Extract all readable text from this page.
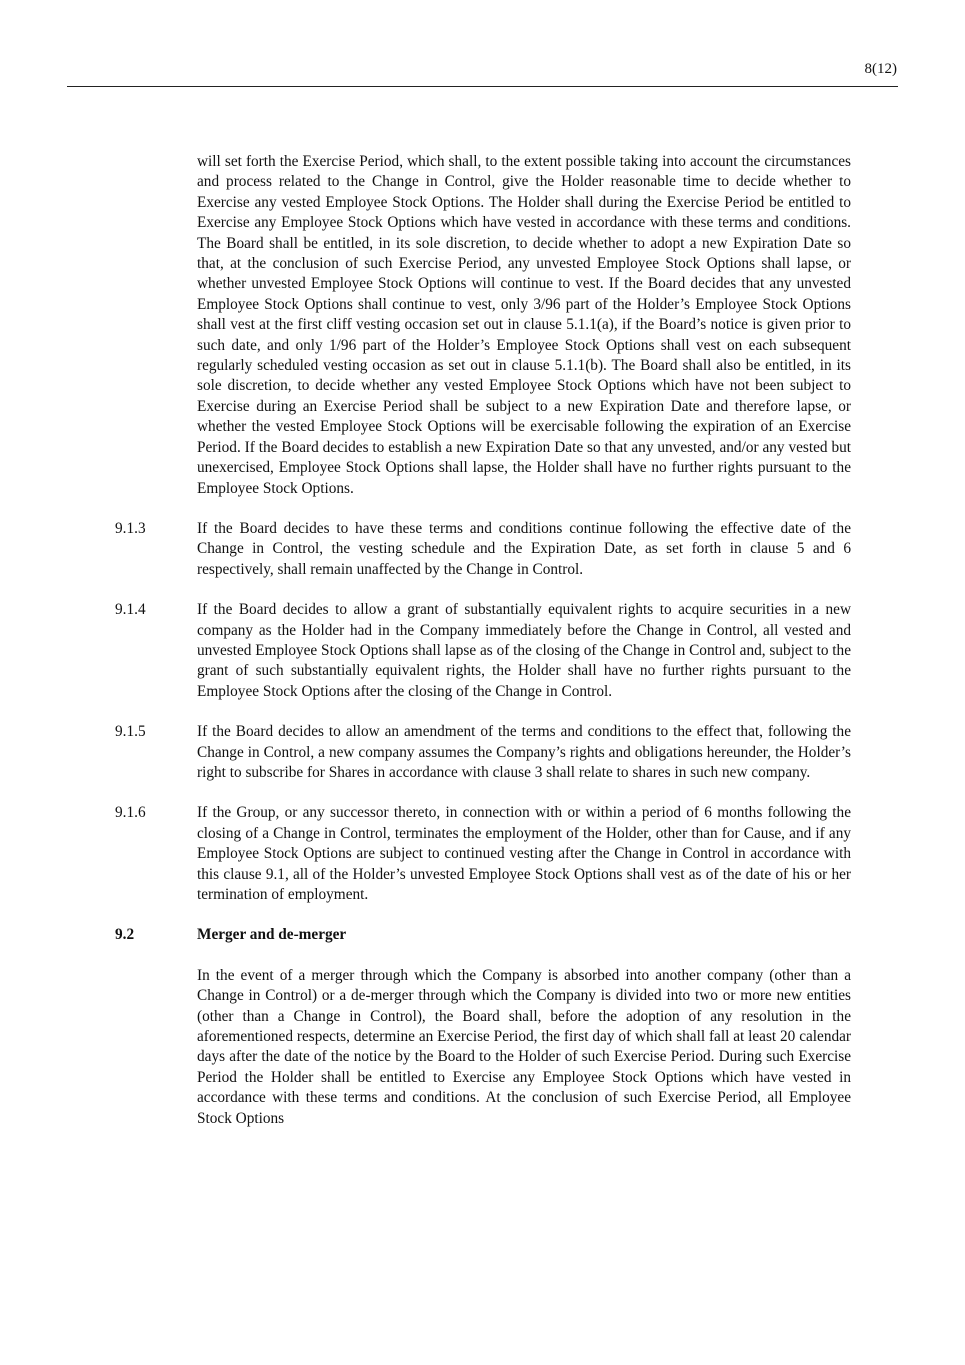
8(12)

will set forth the Exercise Period, which shall, to the extent possible taking into account the circumstances and process related to the Change in Control, give the Holder reasonable time to decide whether to Exercise any vested Employee Stock Options. The Holder shall during the Exercise Period be entitled to Exercise any Employee Stock Options which have vested in accordance with these terms and conditions. The Board shall be entitled, in its sole discretion, to decide whether to adopt a new Expiration Date so that, at the conclusion of such Exercise Period, any unvested Employee Stock Options shall lapse, or whether unvested Employee Stock Options will continue to vest. If the Board decides that any unvested Employee Stock Options shall continue to vest, only 3/96 part of the Holder’s Employee Stock Options shall vest at the first cliff vesting occasion set out in clause 5.1.1(a), if the Board’s notice is given prior to such date, and only 1/96 part of the Holder’s Employee Stock Options shall vest on each subsequent regularly scheduled vesting occasion as set out in clause 5.1.1(b). The Board shall also be entitled, in its sole discretion, to decide whether any vested Employee Stock Options which have not been subject to Exercise during an Exercise Period shall be subject to a new Expiration Date and therefore lapse, or whether the vested Employee Stock Options will be exercisable following the expiration of an Exercise Period. If the Board decides to establish a new Expiration Date so that any unvested, and/or any vested but unexercised, Employee Stock Options shall lapse, the Holder shall have no further rights pursuant to the Employee Stock Options.

9.1.3	If the Board decides to have these terms and conditions continue following the effective date of the Change in Control, the vesting schedule and the Expiration Date, as set forth in clause 5 and 6 respectively, shall remain unaffected by the Change in Control.
9.1.4	If the Board decides to allow a grant of substantially equivalent rights to acquire securities in a new company as the Holder had in the Company immediately before the Change in Control, all vested and unvested Employee Stock Options shall lapse as of the closing of the Change in Control and, subject to the grant of such substantially equivalent rights, the Holder shall have no further rights pursuant to the Employee Stock Options after the closing of the Change in Control.
9.1.5	If the Board decides to allow an amendment of the terms and conditions to the effect that, following the Change in Control, a new company assumes the Company’s rights and obligations hereunder, the Holder’s right to subscribe for Shares in accordance with clause 3 shall relate to shares in such new company.
9.1.6	If the Group, or any successor thereto, in connection with or within a period of 6 months following the closing of a Change in Control, terminates the employment of the Holder, other than for Cause, and if any Employee Stock Options are subject to continued vesting after the Change in Control in accordance with this clause 9.1, all of the Holder’s unvested Employee Stock Options shall vest as of the date of his or her termination of employment.
9.2	Merger and de-merger

In the event of a merger through which the Company is absorbed into another company (other than a Change in Control) or a de-merger through which the Company is divided into two or more new entities (other than a Change in Control), the Board shall, before the adoption of any resolution in the aforementioned respects, determine an Exercise Period, the first day of which shall fall at least 20 calendar days after the date of the notice by the Board to the Holder of such Exercise Period. During such Exercise Period the Holder shall be entitled to Exercise any Employee Stock Options which have vested in accordance with these terms and conditions. At the conclusion of such Exercise Period, all Employee Stock Options
